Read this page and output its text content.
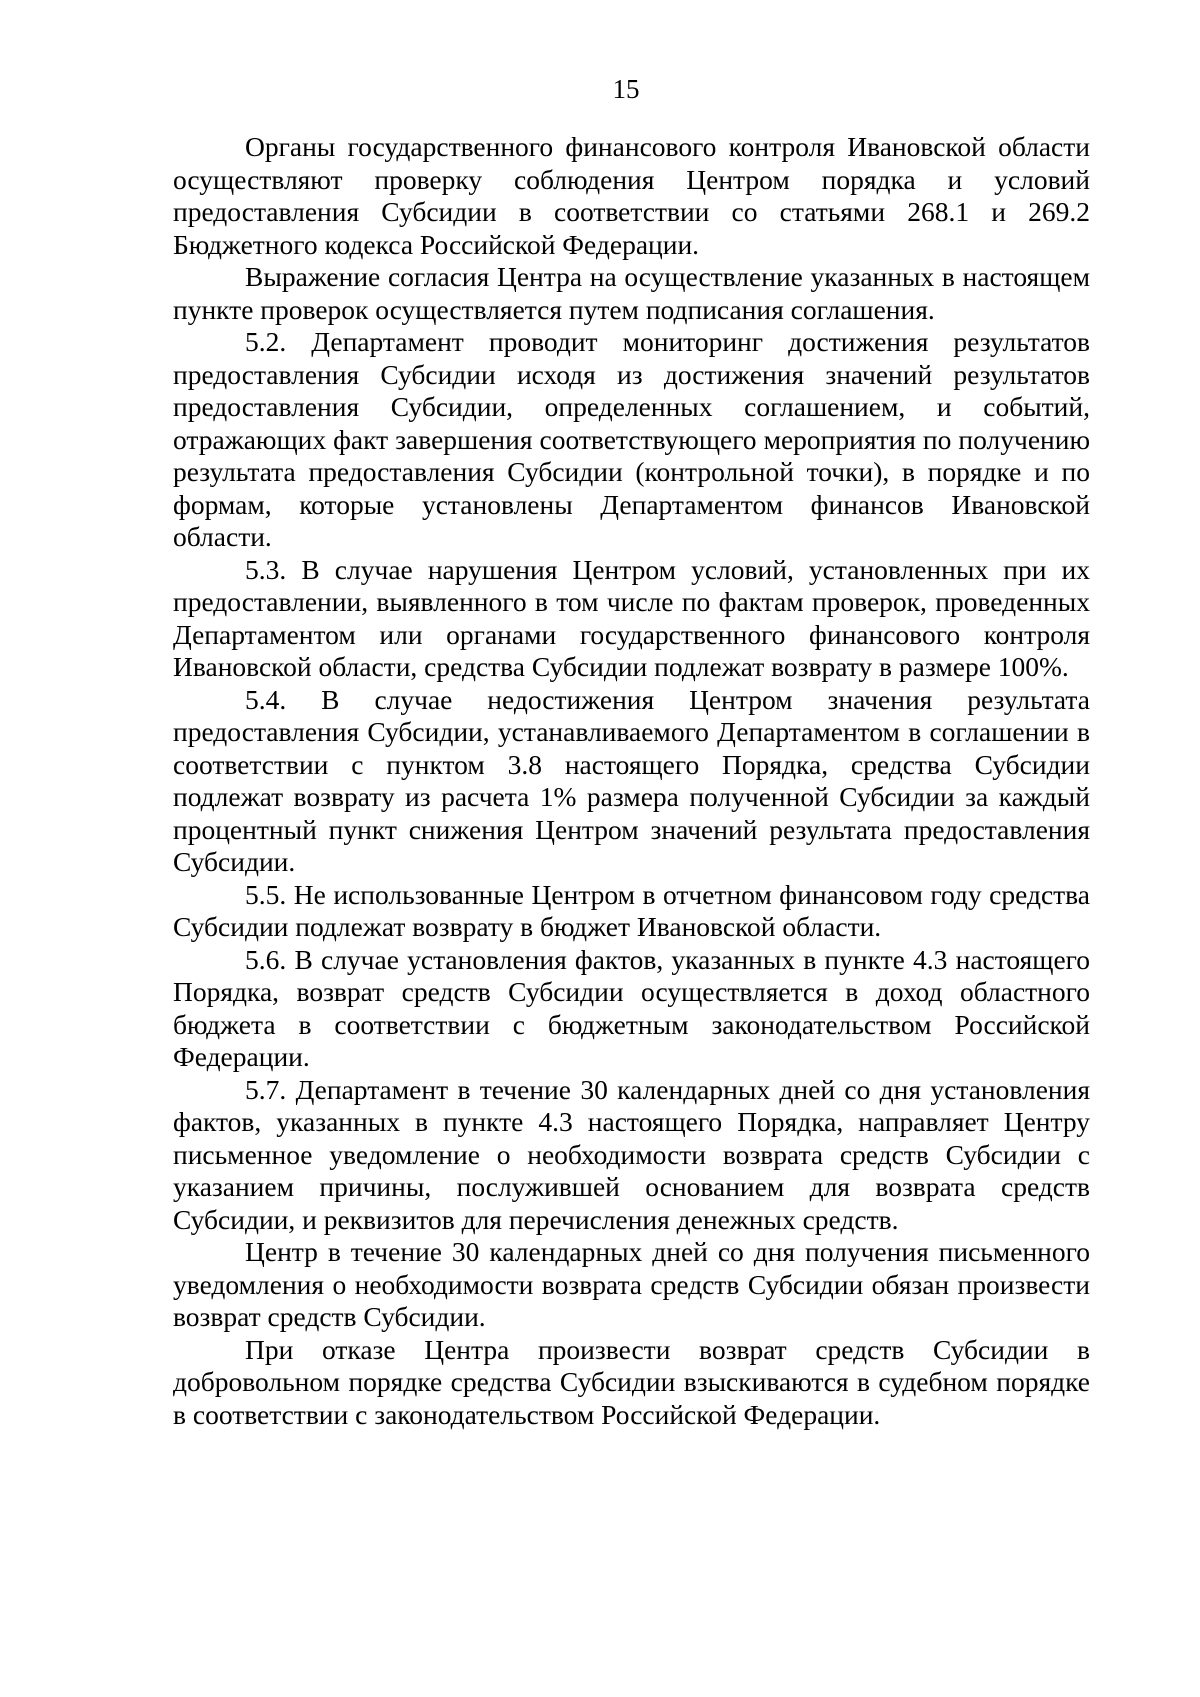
15

Органы государственного финансового контроля Ивановской области осуществляют проверку соблюдения Центром порядка и условий предоставления Субсидии в соответствии со статьями 268.1 и 269.2 Бюджетного кодекса Российской Федерации.

Выражение согласия Центра на осуществление указанных в настоящем пункте проверок осуществляется путем подписания соглашения.

5.2. Департамент проводит мониторинг достижения результатов предоставления Субсидии исходя из достижения значений результатов предоставления Субсидии, определенных соглашением, и событий, отражающих факт завершения соответствующего мероприятия по получению результата предоставления Субсидии (контрольной точки), в порядке и по формам, которые установлены Департаментом финансов Ивановской области.

5.3. В случае нарушения Центром условий, установленных при их предоставлении, выявленного в том числе по фактам проверок, проведенных Департаментом или органами государственного финансового контроля Ивановской области, средства Субсидии подлежат возврату в размере 100%.

5.4. В случае недостижения Центром значения результата предоставления Субсидии, устанавливаемого Департаментом в соглашении в соответствии с пунктом 3.8 настоящего Порядка, средства Субсидии подлежат возврату из расчета 1% размера полученной Субсидии за каждый процентный пункт снижения Центром значений результата предоставления Субсидии.

5.5. Не использованные Центром в отчетном финансовом году средства Субсидии подлежат возврату в бюджет Ивановской области.

5.6. В случае установления фактов, указанных в пункте 4.3 настоящего Порядка, возврат средств Субсидии осуществляется в доход областного бюджета в соответствии с бюджетным законодательством Российской Федерации.

5.7. Департамент в течение 30 календарных дней со дня установления фактов, указанных в пункте 4.3 настоящего Порядка, направляет Центру письменное уведомление о необходимости возврата средств Субсидии с указанием причины, послужившей основанием для возврата средств Субсидии, и реквизитов для перечисления денежных средств.

Центр в течение 30 календарных дней со дня получения письменного уведомления о необходимости возврата средств Субсидии обязан произвести возврат средств Субсидии.

При отказе Центра произвести возврат средств Субсидии в добровольном порядке средства Субсидии взыскиваются в судебном порядке в соответствии с законодательством Российской Федерации.
